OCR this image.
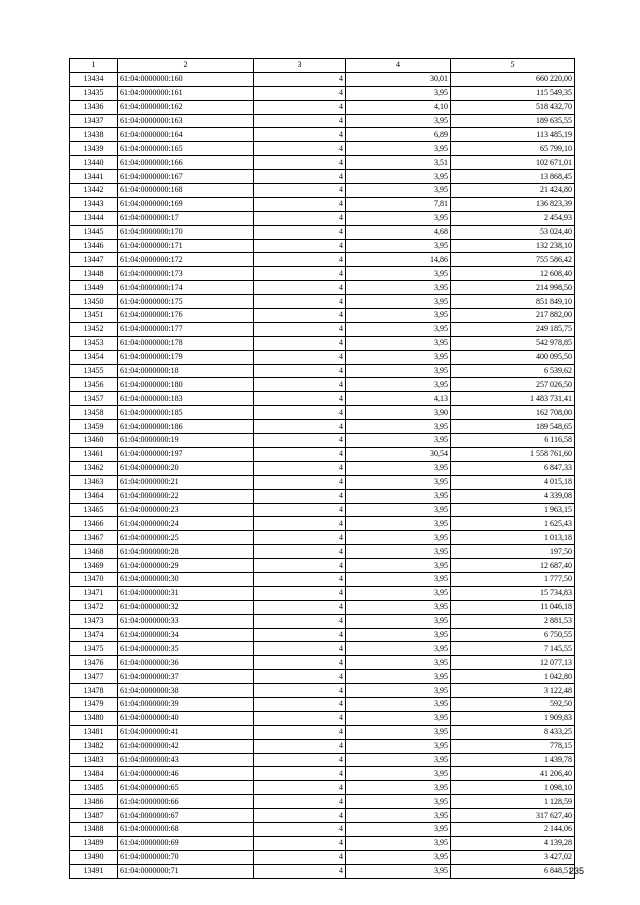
1	2	3	4	5
13434	61:04:0000000:160	4	30,01	660 220,00
13435	61:04:0000000:161	4	3,95	115 549,35
13436	61:04:0000000:162	4	4,10	518 432,70
13437	61:04:0000000:163	4	3,95	189 635,55
13438	61:04:0000000:164	4	6,89	113 485,19
13439	61:04:0000000:165	4	3,95	65 799,10
13440	61:04:0000000:166	4	3,51	102 671,01
13441	61:04:0000000:167	4	3,95	13 868,45
13442	61:04:0000000:168	4	3,95	21 424,80
13443	61:04:0000000:169	4	7,81	136 823,39
13444	61:04:0000000:17	4	3,95	2 454,93
13445	61:04:0000000:170	4	4,68	53 024,40
13446	61:04:0000000:171	4	3,95	132 238,10
13447	61:04:0000000:172	4	14,86	755 586,42
13448	61:04:0000000:173	4	3,95	12 608,40
13449	61:04:0000000:174	4	3,95	214 998,50
13450	61:04:0000000:175	4	3,95	851 849,10
13451	61:04:0000000:176	4	3,95	217 882,00
13452	61:04:0000000:177	4	3,95	249 185,75
13453	61:04:0000000:178	4	3,95	542 978,85
13454	61:04:0000000:179	4	3,95	400 095,50
13455	61:04:0000000:18	4	3,95	6 539,62
13456	61:04:0000000:180	4	3,95	257 026,50
13457	61:04:0000000:183	4	4,13	1 483 731,41
13458	61:04:0000000:185	4	3,90	162 708,00
13459	61:04:0000000:186	4	3,95	189 548,65
13460	61:04:0000000:19	4	3,95	6 116,58
13461	61:04:0000000:197	4	30,54	1 558 761,60
13462	61:04:0000000:20	4	3,95	6 847,33
13463	61:04:0000000:21	4	3,95	4 015,18
13464	61:04:0000000:22	4	3,95	4 339,08
13465	61:04:0000000:23	4	3,95	1 963,15
13466	61:04:0000000:24	4	3,95	1 625,43
13467	61:04:0000000:25	4	3,95	1 013,18
13468	61:04:0000000:28	4	3,95	197,50
13469	61:04:0000000:29	4	3,95	12 687,40
13470	61:04:0000000:30	4	3,95	1 777,50
13471	61:04:0000000:31	4	3,95	15 734,83
13472	61:04:0000000:32	4	3,95	11 046,18
13473	61:04:0000000:33	4	3,95	2 881,53
13474	61:04:0000000:34	4	3,95	6 750,55
13475	61:04:0000000:35	4	3,95	7 145,55
13476	61:04:0000000:36	4	3,95	12 077,13
13477	61:04:0000000:37	4	3,95	1 042,80
13478	61:04:0000000:38	4	3,95	3 122,48
13479	61:04:0000000:39	4	3,95	592,50
13480	61:04:0000000:40	4	3,95	1 909,83
13481	61:04:0000000:41	4	3,95	8 433,25
13482	61:04:0000000:42	4	3,95	778,15
13483	61:04:0000000:43	4	3,95	1 439,78
13484	61:04:0000000:46	4	3,95	41 206,40
13485	61:04:0000000:65	4	3,95	1 098,10
13486	61:04:0000000:66	4	3,95	1 128,59
13487	61:04:0000000:67	4	3,95	317 627,40
13488	61:04:0000000:68	4	3,95	2 144,06
13489	61:04:0000000:69	4	3,95	4 139,28
13490	61:04:0000000:70	4	3,95	3 427,02
13491	61:04:0000000:71	4	3,95	6 848,51
235
